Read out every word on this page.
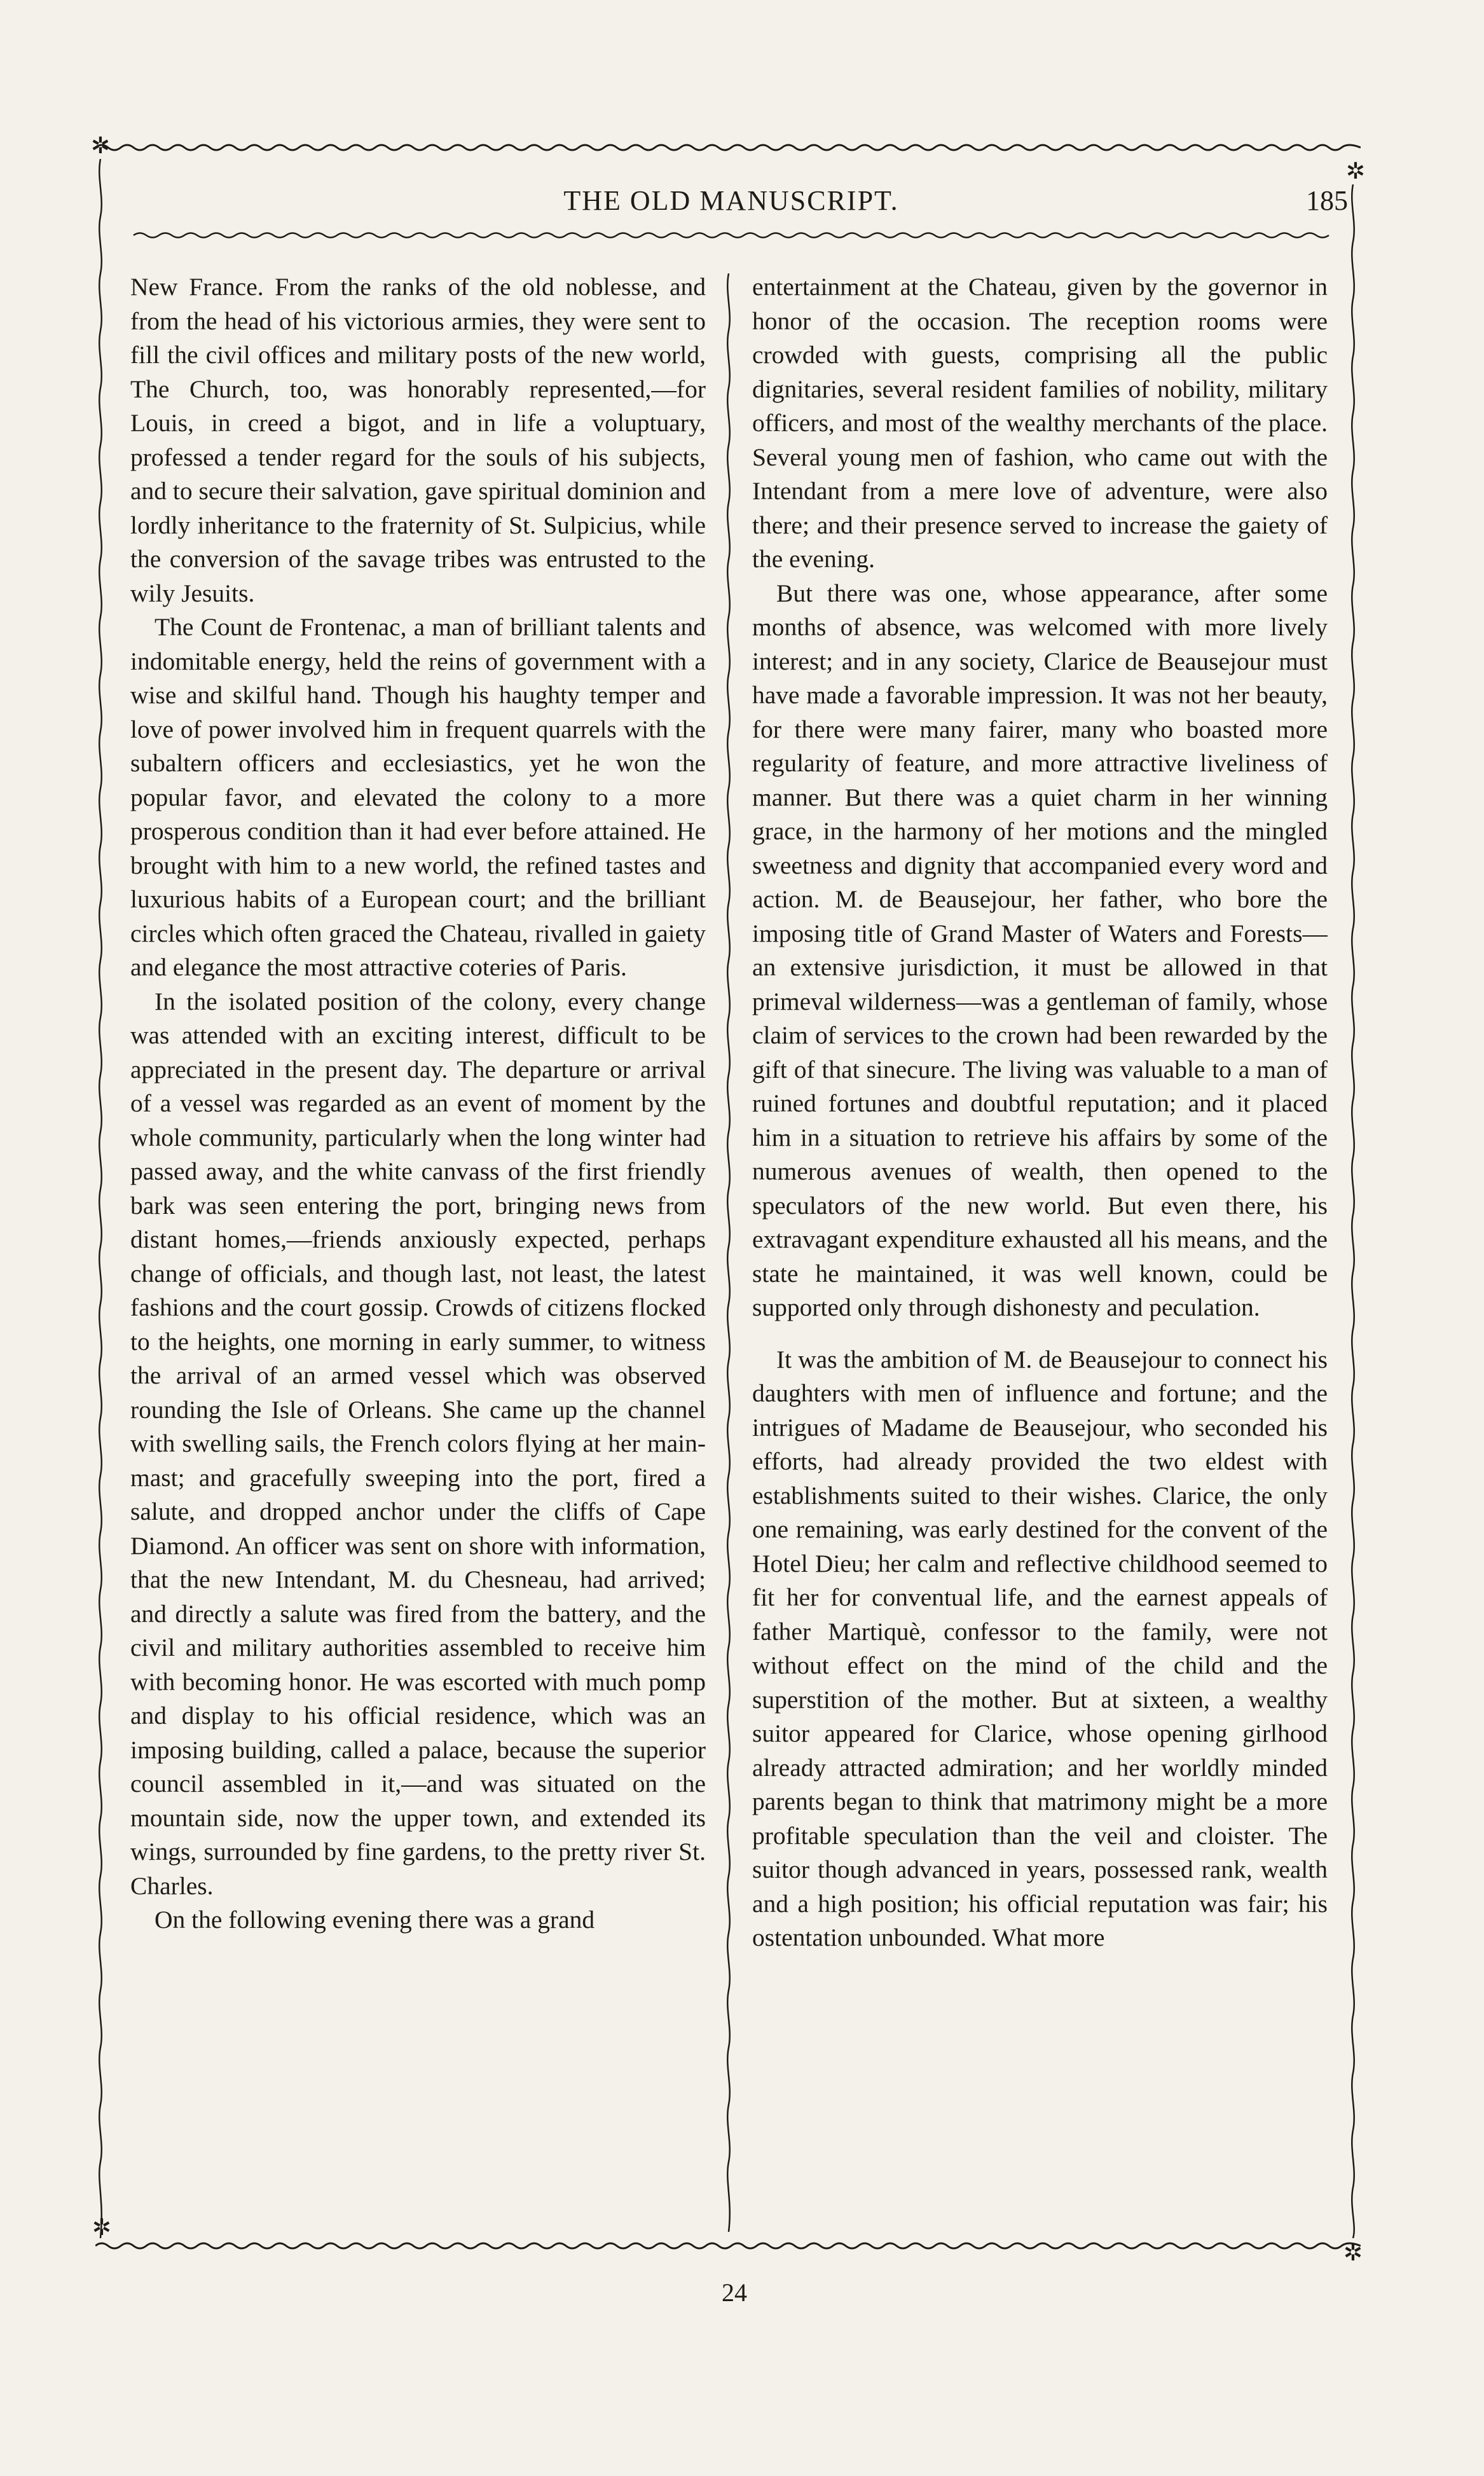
✲
✲
THE OLD MANUSCRIPT.	185

New France. From the ranks of the old noblesse, and from the head of his victorious armies, they were sent to fill the civil offices and military posts of the new world, The Church, too, was honorably represented,—for Louis, in creed a bigot, and in life a voluptuary, professed a tender regard for the souls of his subjects, and to secure their salvation, gave spiritual dominion and lordly inheritance to the fraternity of St. Sulpicius, while the conversion of the savage tribes was entrusted to the wily Jesuits.

The Count de Frontenac, a man of brilliant talents and indomitable energy, held the reins of government with a wise and skilful hand. Though his haughty temper and love of power involved him in frequent quarrels with the subaltern officers and ecclesiastics, yet he won the popular favor, and elevated the colony to a more prosperous condition than it had ever before attained. He brought with him to a new world, the refined tastes and luxurious habits of a European court; and the brilliant circles which often graced the Chateau, rivalled in gaiety and elegance the most attractive coteries of Paris.

In the isolated position of the colony, every change was attended with an exciting interest, difficult to be appreciated in the present day. The departure or arrival of a vessel was regarded as an event of moment by the whole community, particularly when the long winter had passed away, and the white canvass of the first friendly bark was seen entering the port, bringing news from distant homes,—friends anxiously expected, perhaps change of officials, and though last, not least, the latest fashions and the court gossip. Crowds of citizens flocked to the heights, one morning in early summer, to witness the arrival of an armed vessel which was observed rounding the Isle of Orleans. She came up the channel with swelling sails, the French colors flying at her main-mast; and gracefully sweeping into the port, fired a salute, and dropped anchor under the cliffs of Cape Diamond. An officer was sent on shore with information, that the new Intendant, M. du Chesneau, had arrived; and directly a salute was fired from the battery, and the civil and military authorities assembled to receive him with becoming honor. He was escorted with much pomp and display to his official residence, which was an imposing building, called a palace, because the superior council assembled in it,—and was situated on the mountain side, now the upper town, and extended its wings, surrounded by fine gardens, to the pretty river St. Charles.

On the following evening there was a grand

entertainment at the Chateau, given by the governor in honor of the occasion. The reception rooms were crowded with guests, comprising all the public dignitaries, several resident families of nobility, military officers, and most of the wealthy merchants of the place. Several young men of fashion, who came out with the Intendant from a mere love of adventure, were also there; and their presence served to increase the gaiety of the evening.

But there was one, whose appearance, after some months of absence, was welcomed with more lively interest; and in any society, Clarice de Beausejour must have made a favorable impression. It was not her beauty, for there were many fairer, many who boasted more regularity of feature, and more attractive liveliness of manner. But there was a quiet charm in her winning grace, in the harmony of her motions and the mingled sweetness and dignity that accompanied every word and action. M. de Beausejour, her father, who bore the imposing title of Grand Master of Waters and Forests—an extensive jurisdiction, it must be allowed in that primeval wilderness—was a gentleman of family, whose claim of services to the crown had been rewarded by the gift of that sinecure. The living was valuable to a man of ruined fortunes and doubtful reputation; and it placed him in a situation to retrieve his affairs by some of the numerous avenues of wealth, then opened to the speculators of the new world. But even there, his extravagant expenditure exhausted all his means, and the state he maintained, it was well known, could be supported only through dishonesty and peculation.

It was the ambition of M. de Beausejour to connect his daughters with men of influence and fortune; and the intrigues of Madame de Beausejour, who seconded his efforts, had already provided the two eldest with establishments suited to their wishes. Clarice, the only one remaining, was early destined for the convent of the Hotel Dieu; her calm and reflective childhood seemed to fit her for conventual life, and the earnest appeals of father Martiquè, confessor to the family, were not without effect on the mind of the child and the superstition of the mother. But at sixteen, a wealthy suitor appeared for Clarice, whose opening girlhood already attracted admiration; and her worldly minded parents began to think that matrimony might be a more profitable speculation than the veil and cloister. The suitor though advanced in years, possessed rank, wealth and a high position; his official reputation was fair; his ostentation unbounded. What more

✲
✲
24
